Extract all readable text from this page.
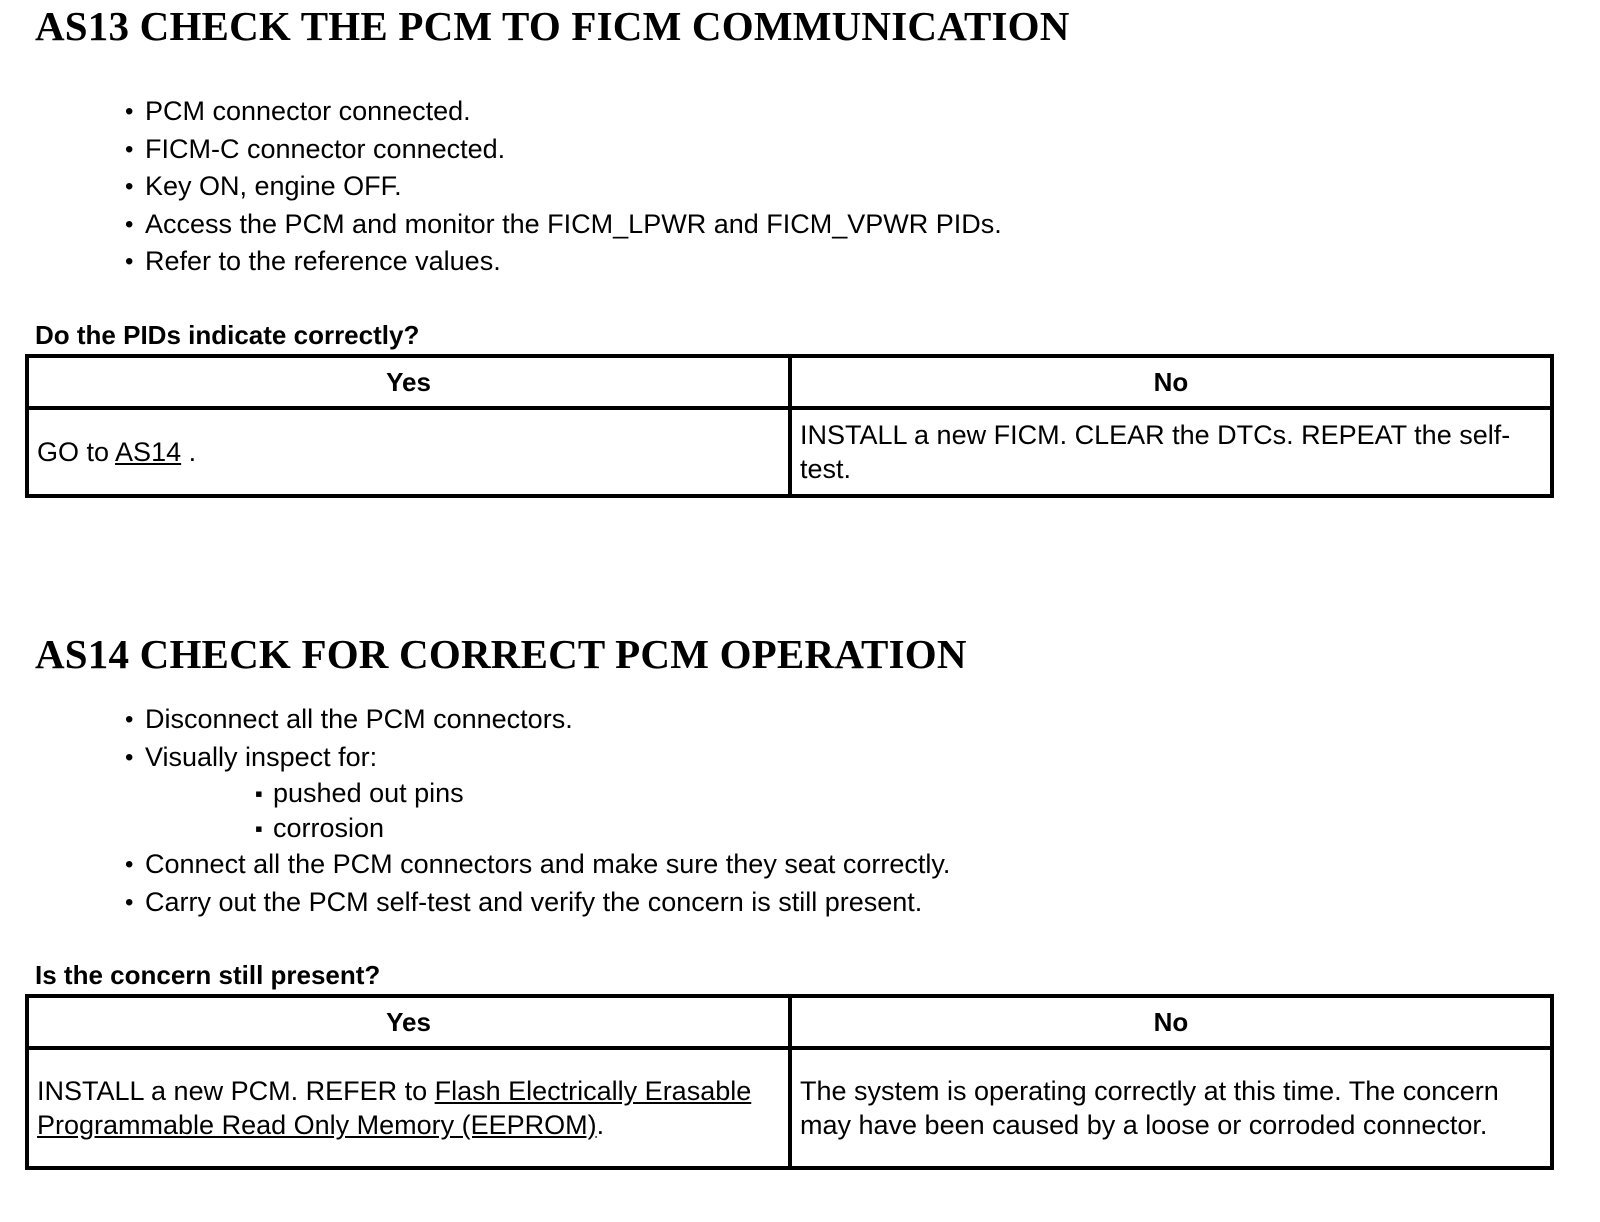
AS13 CHECK THE PCM TO FICM COMMUNICATION
• PCM connector connected.
• FICM-C connector connected.
• Key ON, engine OFF.
• Access the PCM and monitor the FICM_LPWR and FICM_VPWR PIDs.
• Refer to the reference values.

Do the PIDs indicate correctly?

Yes	No
GO to AS14 .	INSTALL a new FICM. CLEAR the DTCs. REPEAT the self-test.
AS14 CHECK FOR CORRECT PCM OPERATION
• Disconnect all the PCM connectors.
• Visually inspect for:
▪ pushed out pins
▪ corrosion
• Connect all the PCM connectors and make sure they seat correctly.
• Carry out the PCM self-test and verify the concern is still present.

Is the concern still present?

Yes	No
INSTALL a new PCM. REFER to Flash Electrically Erasable Programmable Read Only Memory (EEPROM).	The system is operating correctly at this time. The concern may have been caused by a loose or corroded connector.
